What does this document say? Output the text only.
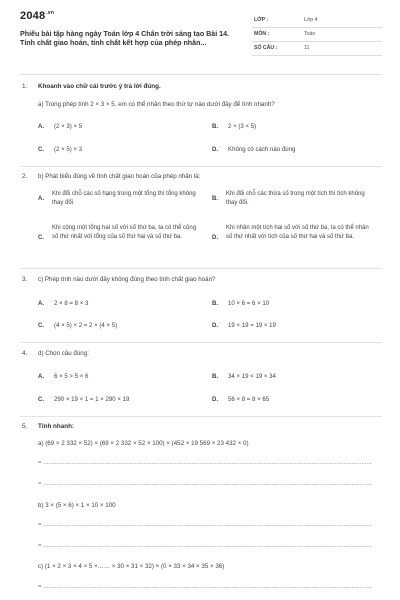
$2048^{.vn}$
Phiếu bài tập hàng ngày Toán lớp 4 Chân trời sáng tạo Bài 14. Tính chất giao hoán, tính chất kết hợp của phép nhân...
LỚP :	Lớp 4
MÔN :	Toán
SỐ CÂU :	11
1. Khoanh vào chữ cái trước ý trả lời đúng.
a) Trong phép tính 2 × 3 × 5, em có thể nhân theo thứ tự nào dưới đây để tính nhanh?
A. (2 × 3) × 5	B. 2 × (3 × 5)
C. (2 × 5) × 3	D. Không có cách nào đúng
2. b) Phát biểu đúng về tính chất giao hoán của phép nhân là:
A.
Khi đổi chỗ các số hạng trong một tổng thì tổng không thay đổi
B.
Khi đổi chỗ các thừa số trong một tích thì tích không thay đổi.
C.
Khi cộng một tổng hai số với số thứ ba, ta có thể cộng số thứ nhất với tổng của số thứ hai và số thứ ba.	D.
Khi nhân một tích hai số với số thứ ba, ta có thể nhân số thứ nhất với tích của số thứ hai và số thứ ba.
3. c) Phép tính nào dưới đây không đúng theo tính chất giao hoán?
A. 2 × 8 = 8 × 3	B. 10 × 6 = 6 × 10
C. (4 × 5) × 2 = 2 × (4 × 5)	D. 19 × 19 = 19 × 19
4. d) Chọn câu đúng:
A. 6 × 5 > 5 × 6	B. 34 × 19 < 19 × 34
C. 290 × 19 × 1 = 1 × 290 × 19	D. 56 × 8 = 8 × 65
5. Tính nhanh:
a) (69 × 2 332 × 52) × (69 × 2 332 × 52 × 100) × (452 × 19 569 × 23 432 × 0)
= .....................................................................................................................................................................................................
= .....................................................................................................................................................................................................
b) 3 × (5 × 6) × 1 × 10 × 100
= .....................................................................................................................................................................................................
= .....................................................................................................................................................................................................
c) (1 × 2 × 3 × 4 × 5 ×…… × 30 × 31 × 32) × (0 × 33 × 34 × 35 × 36)
= .....................................................................................................................................................................................................
